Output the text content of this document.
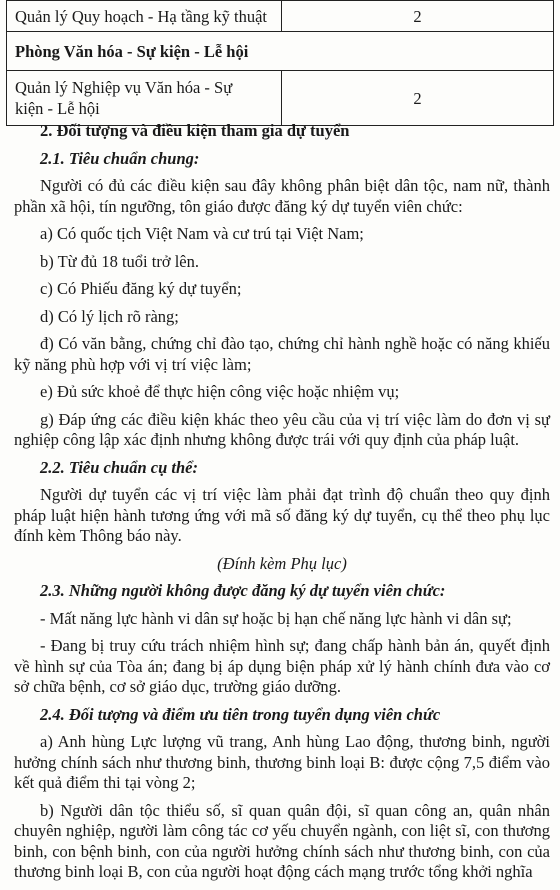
Quản lý Quy hoạch - Hạ tầng kỹ thuật	2
Phòng Văn hóa - Sự kiện - Lễ hội	
Quản lý Nghiệp vụ Văn hóa - Sự kiện - Lễ hội	2

2. Đối tượng và điều kiện tham gia dự tuyển

2.1. Tiêu chuẩn chung:

Người có đủ các điều kiện sau đây không phân biệt dân tộc, nam nữ, thành phần xã hội, tín ngưỡng, tôn giáo được đăng ký dự tuyển viên chức:

a) Có quốc tịch Việt Nam và cư trú tại Việt Nam;

b) Từ đủ 18 tuổi trở lên.

c) Có Phiếu đăng ký dự tuyển;

d) Có lý lịch rõ ràng;

đ) Có văn bằng, chứng chỉ đào tạo, chứng chỉ hành nghề hoặc có năng khiếu kỹ năng phù hợp với vị trí việc làm;

e) Đủ sức khoẻ để thực hiện công việc hoặc nhiệm vụ;

g) Đáp ứng các điều kiện khác theo yêu cầu của vị trí việc làm do đơn vị sự nghiệp công lập xác định nhưng không được trái với quy định của pháp luật.

2.2. Tiêu chuẩn cụ thể:

Người dự tuyển các vị trí việc làm phải đạt trình độ chuẩn theo quy định pháp luật hiện hành tương ứng với mã số đăng ký dự tuyển, cụ thể theo phụ lục đính kèm Thông báo này.

(Đính kèm Phụ lục)

2.3. Những người không được đăng ký dự tuyển viên chức:

- Mất năng lực hành vi dân sự hoặc bị hạn chế năng lực hành vi dân sự;

- Đang bị truy cứu trách nhiệm hình sự; đang chấp hành bản án, quyết định về hình sự của Tòa án; đang bị áp dụng biện pháp xử lý hành chính đưa vào cơ sở chữa bệnh, cơ sở giáo dục, trường giáo dưỡng.

2.4. Đối tượng và điểm ưu tiên trong tuyển dụng viên chức

a) Anh hùng Lực lượng vũ trang, Anh hùng Lao động, thương binh, người hưởng chính sách như thương binh, thương binh loại B: được cộng 7,5 điểm vào kết quả điểm thi tại vòng 2;

b) Người dân tộc thiểu số, sĩ quan quân đội, sĩ quan công an, quân nhân chuyên nghiệp, người làm công tác cơ yếu chuyển ngành, con liệt sĩ, con thương binh, con bệnh binh, con của người hưởng chính sách như thương binh, con của thương binh loại B, con của người hoạt động cách mạng trước tổng khởi nghĩa
